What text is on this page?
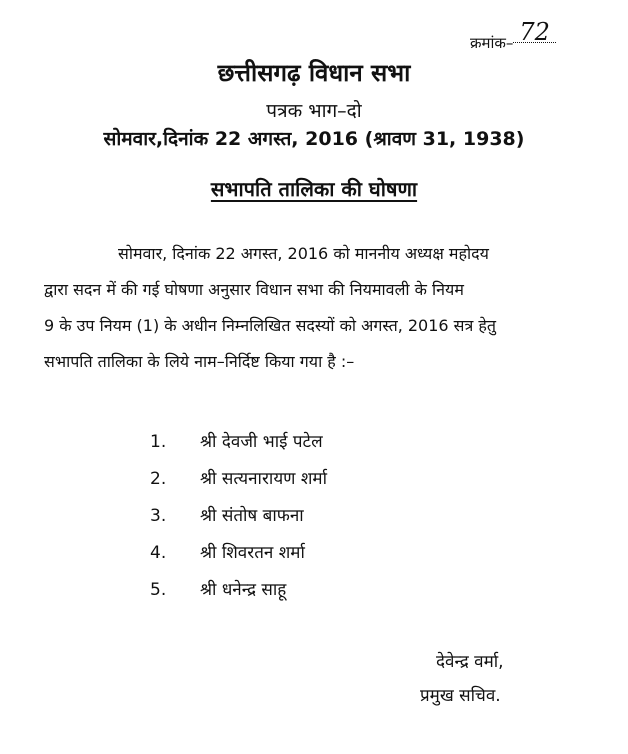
क्रमांक– 72
छत्तीसगढ़ विधान सभा
पत्रक भाग–दो
सोमवार,दिनांक 22 अगस्त, 2016 (श्रावण 31, 1938)
सभापति तालिका की घोषणा
सोमवार, दिनांक 22 अगस्त, 2016 को माननीय अध्यक्ष महोदय
द्वारा सदन में की गई घोषणा अनुसार विधान सभा की नियमावली के नियम
9 के उप नियम (1) के अधीन निम्नलिखित सदस्यों को अगस्त, 2016 सत्र हेतु
सभापति तालिका के लिये नाम–निर्दिष्ट किया गया है :–
1.	श्री देवजी भाई पटेल
2.	श्री सत्यनारायण शर्मा
3.	श्री संतोष बाफना
4.	श्री शिवरतन शर्मा
5.	श्री धनेन्द्र साहू
देवेन्द्र वर्मा,
प्रमुख सचिव.
